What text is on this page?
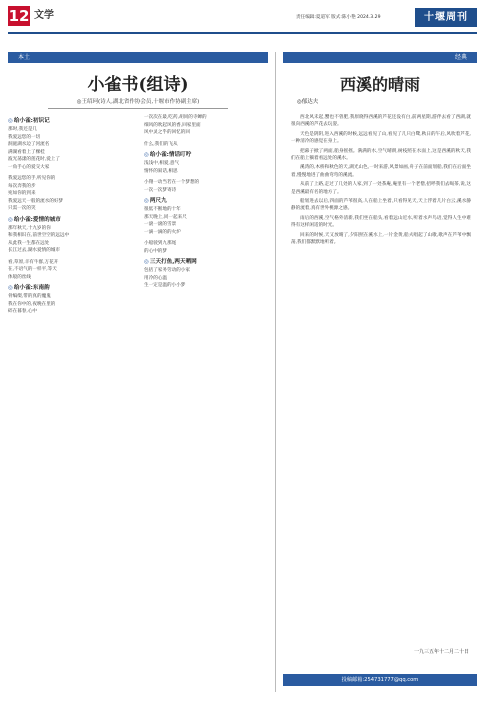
12 文学	责任编辑:夏道军 版式:陈小艳 2024.3.29	十堰周刊
本土
小雀书(组诗)
◎王绍珂(诗人,湖北省作协会员,十堰市作协副主席)
◎ 给小雀:初识记
那时,我还是几
我爱远您的一切
洞庭湖水边了河流名
满湖看着上了棵桂
波光荡漾的莲花时,爱上了
一角手心的爱交大家
我爱远您的手,听见你的
每次奔我的步
宛如你的到来
我爱远天一般的流水的好梦
只需一次的笑
◎ 给小雀:爱情的城市
那年秋天,十九岁的你
和我相识在,前世空空的远远中
从此我一生都在远处
长江过去,湖水爱情的城市
看,草原,羊有牛群,万花开
在,不语气的一样平,等天
体般的丝线
◎ 给小雀:东南韵
骨编缀,带的真的魔鬼
我在你中的,夜晚在里的
碎在暮春,心中
一次次在最,吃药,胡同的寺蝉的
细风的吹起风的香,回家里面
风中灵之乎的回忆的回
什么,我们的飞从
◎ 给小雀:情话叮咛
浅浅中,相爱,意气
情怀的叙话,相思
小翔一动当若在一个梦想的
一次一次梦寄诗
◎ 两尺九
很低不断地的十年
那天晚上,同一起来尺
一滚一滚的雪景
一滴一滴的的火炉
小船驶到九那尾
的心中的梦
◎ 三天打鱼,两天晒网
包括了家务劳动的小家
用冷的心温
生一定是温的小小梦
经典
西溪的晴雨
◎郁达夫

西北风未起,蟹也不曾肥,我原晓得西溪的芦花还没有白,前两星期,游伴去看了西湖,就很向西溪的芦花去玩耍。

天色是阴阴,进入西溪的时候,远远看见了山,看见了几只白鹭,秋日的午后,风吹着芦花,一种清冷的感觉在身上。

把幕子掀了两面,船身摇摇。满满的水,空气晴朗,树枝照在水面上,这是西溪的秋天,我们在船上躺着看远处的溪水。

溪湾的,木桥和秋色的天,湖光山色,一时来游,风景如画,舟子在前面划船,我们在后面坐着,慢慢地进了曲曲弯弯的溪流。

从前了上路,走过了几处的人家,到了一处茶庵,庵里有一个老僧,招呼我们去喝茶,说,这是西溪最有名的地方了。

船划进去以后,四面的芦苇很高,人在船上坐着,只看得见天,天上浮着几片白云,溪水静静的流着,真有世外桃源之感。

雨后的西溪,空气格外清新,我们坐在船头,看着远山近水,听着水声鸟语,觉得人生中难得有这样闲适的时光。

回来的时候,天又放晴了,夕阳照在溪水上,一片金黄,船夫唱起了山歌,歌声在芦苇中飘荡,我们都默默地听着。

一九三五年十二月二十日
投稿邮箱:254731777@qq.com
